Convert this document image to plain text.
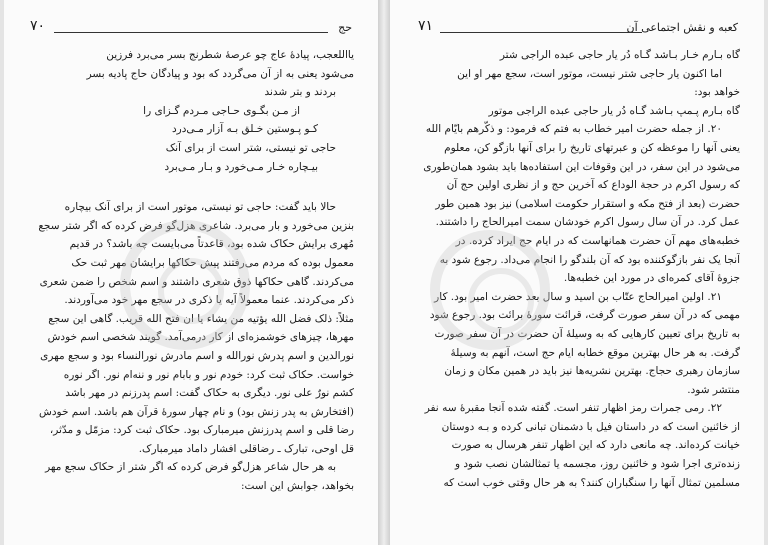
حج
۷۰
یااللعجب، پیادهٔ عاج چو عرصهٔ شطرنج بسر می‌برد فرزین
می‌شود یعنی به از آن می‌گردد که بود و پیادگان حاج پادیه بسر
بردند و بتر شدند
از مـن بگـوی حـاجی مـردم گـزای را
کـو پـوستین خـلق بـه آزار مـی‌درد
حاجی تو نیستی، شتر است از برای آنک
بیـچاره خـار مـی‌خورد و بـار مـی‌برد
حالا باید گفت: حاجی تو نیستی، موتور است از برای آنک بیچاره
بنزین می‌خورد و بار می‌برد. شاعری هزل‌گو فرض کرده که اگر شتر سجع
مُهری برایش حکاک شده بود، قاعدتاً می‌بایست چه باشد؟ در قدیم
معمول بوده که مردم می‌رفتند پیش حکاکها برایشان مهر ثبت حک
می‌کردند. گاهی حکاکها ذوق شعری داشتند و اسم شخص را ضمن شعری
ذکر می‌کردند. عنما معمولاً آیه یا ذکری در سجع مهر خود می‌آوردند.
مثلاً: ذلک فضل الله یؤتیه من یشاء یا ان فتح الله قریب. گاهی این سجع
مهرها، چیزهای خوشمزه‌ای از کار درمی‌آمد. گویند شخصی اسم خودش
نورالدین و اسم پدرش نورالله و اسم مادرش نورالنساء بود و سجع مهری
خواست. حکاک ثبت کرد: خودم نور و بابام نور و ننه‌ام نور. اگر نوره
کشم نورٌ علی نور. دیگری به حکاک گفت: اسم پدرزنم در مهر باشد
(افتخارش به پدر زنش بود) و نام چهار سورهٔ قرآن هم باشد. اسم خودش
رضا قلی و اسم پدرزنش میرمبارک بود. حکاک ثبت کرد: مزمّل و مدّثر،
قل اوحی، تبارک ـ رضاقلی افشار داماد میرمبارک.
به هر حال شاعر هزل‌گو فرض کرده که اگر شتر از حکاک سجع مهر
بخواهد، جوابش این است:
کعبه و نقش اجتماعی آن
۷۱
گاه بـارم خـار بـاشد گـاه دُر یار حاجی عبده الراجی شتر
اما اکنون یار حاجی شتر نیست، موتور است، سجع مهر او این
خواهد بود:
گاه بـارم پـمپ بـاشد گـاه دُر یار حاجی عبده الراجی موتور
۲۰. از جمله حضرت امیر خطاب به فتم که فرمود: و ذکّرهم بایّام الله
یعنی آنها را موعظه کن و عبرتهای تاریخ را برای آنها بازگو کن، معلوم
می‌شود در این سفر، در این وقوفات این استفاده‌ها باید بشود همان‌طوری
که رسول اکرم در حجة الوداع که آخرین حج و از نظری اولین حج آن
حضرت (بعد از فتح مکه و استقرار حکومت اسلامی) نیز بود همین طور
عمل کرد. در آن سال رسول اکرم خودشان سمت امیرالحاج را داشتند.
خطبه‌های مهم آن حضرت همانهاست که در ایام حج ایراد کرده. در
آنجا یک نفر بازگوکننده بود که آن بلندگو را انجام می‌داد. رجوع شود به
جزوهٔ آقای کمره‌ای در مورد این خطبه‌ها.
۲۱. اولین امیرالحاج عتّاب بن اسید و سال بعد حضرت امیر بود. کار
مهمی که در آن سفر صورت گرفت، قرائت سورهٔ برائت بود. رجوع شود
به تاریخ برای تعیین کارهایی که به وسیلهٔ آن حضرت در آن سفر صورت
گرفت. به هر حال بهترین موقع خطابه ایام حج است، آنهم به وسیلهٔ
سازمان رهبری حجاج. بهترین نشریه‌ها نیز باید در همین مکان و زمان
منتشر شود.
۲۲. رمی جمرات رمز اظهار تنفر است. گفته شده آنجا مقبرهٔ سه نفر
از خائنین است که در داستان فیل با دشمنان تبانی کرده و بـه دوستان
خیانت کرده‌اند. چه مانعی دارد که این اظهار تنفر هرسال به صورت
زنده‌تری اجرا شود و خائنین روز، مجسمه یا تمثالشان نصب شود و
مسلمین تمثال آنها را سنگباران کنند؟ به هر حال وقتی خوب است که
